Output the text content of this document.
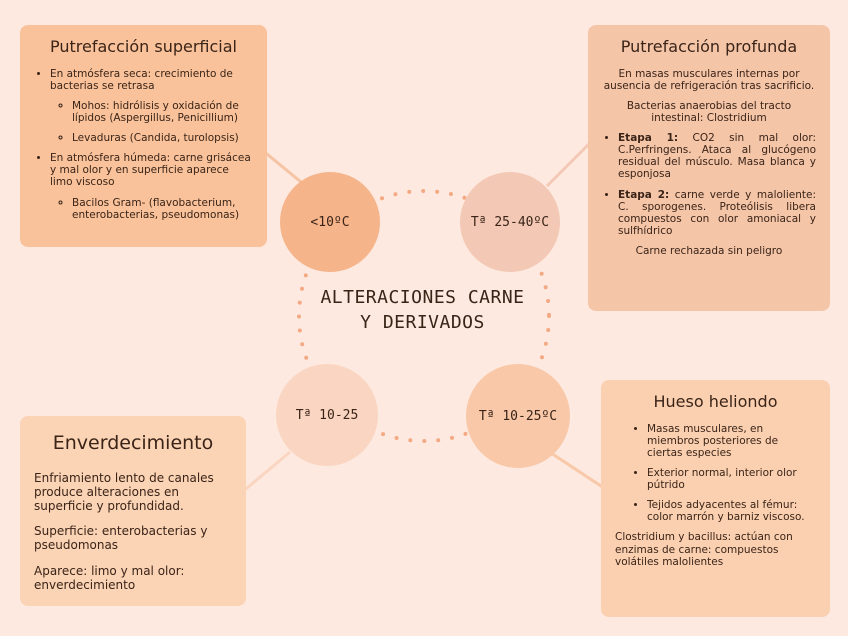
<10ºC	Tª 25-40ºC
Tª 10-25	Tª 10-25ºC
ALTERACIONES CARNE Y DERIVADOS
Putrefacción superficial
• En atmósfera seca: crecimiento de bacterias se retrasa
◦ Mohos: hidrólisis y oxidación de lípidos (Aspergillus, Penicillium)
◦ Levaduras (Candida, turolopsis)
• En atmósfera húmeda: carne grisácea y mal olor y en superficie aparece limo viscoso
◦ Bacilos Gram- (flavobacterium, enterobacterias, pseudomonas)
Putrefacción profunda

En masas musculares internas por ausencia de refrigeración tras sacrificio.

Bacterias anaerobias del tracto intestinal: Clostridium

• Etapa 1: CO2 sin mal olor: C.Perfringens. Ataca al glucógeno residual del músculo. Masa blanca y esponjosa
• Etapa 2: carne verde y maloliente: C. sporogenes. Proteólisis libera compuestos con olor amoniacal y sulfhídrico

Carne rechazada sin peligro

Enverdecimiento

Enfriamiento lento de canales produce alteraciones en superficie y profundidad.

Superficie: enterobacterias y pseudomonas

Aparece: limo y mal olor: enverdecimiento

Hueso heliondo
• Masas musculares, en miembros posteriores de ciertas especies
• Exterior normal, interior olor pútrido
• Tejidos adyacentes al fémur: color marrón y barniz viscoso.

Clostridium y bacillus: actúan con enzimas de carne: compuestos volátiles malolientes
